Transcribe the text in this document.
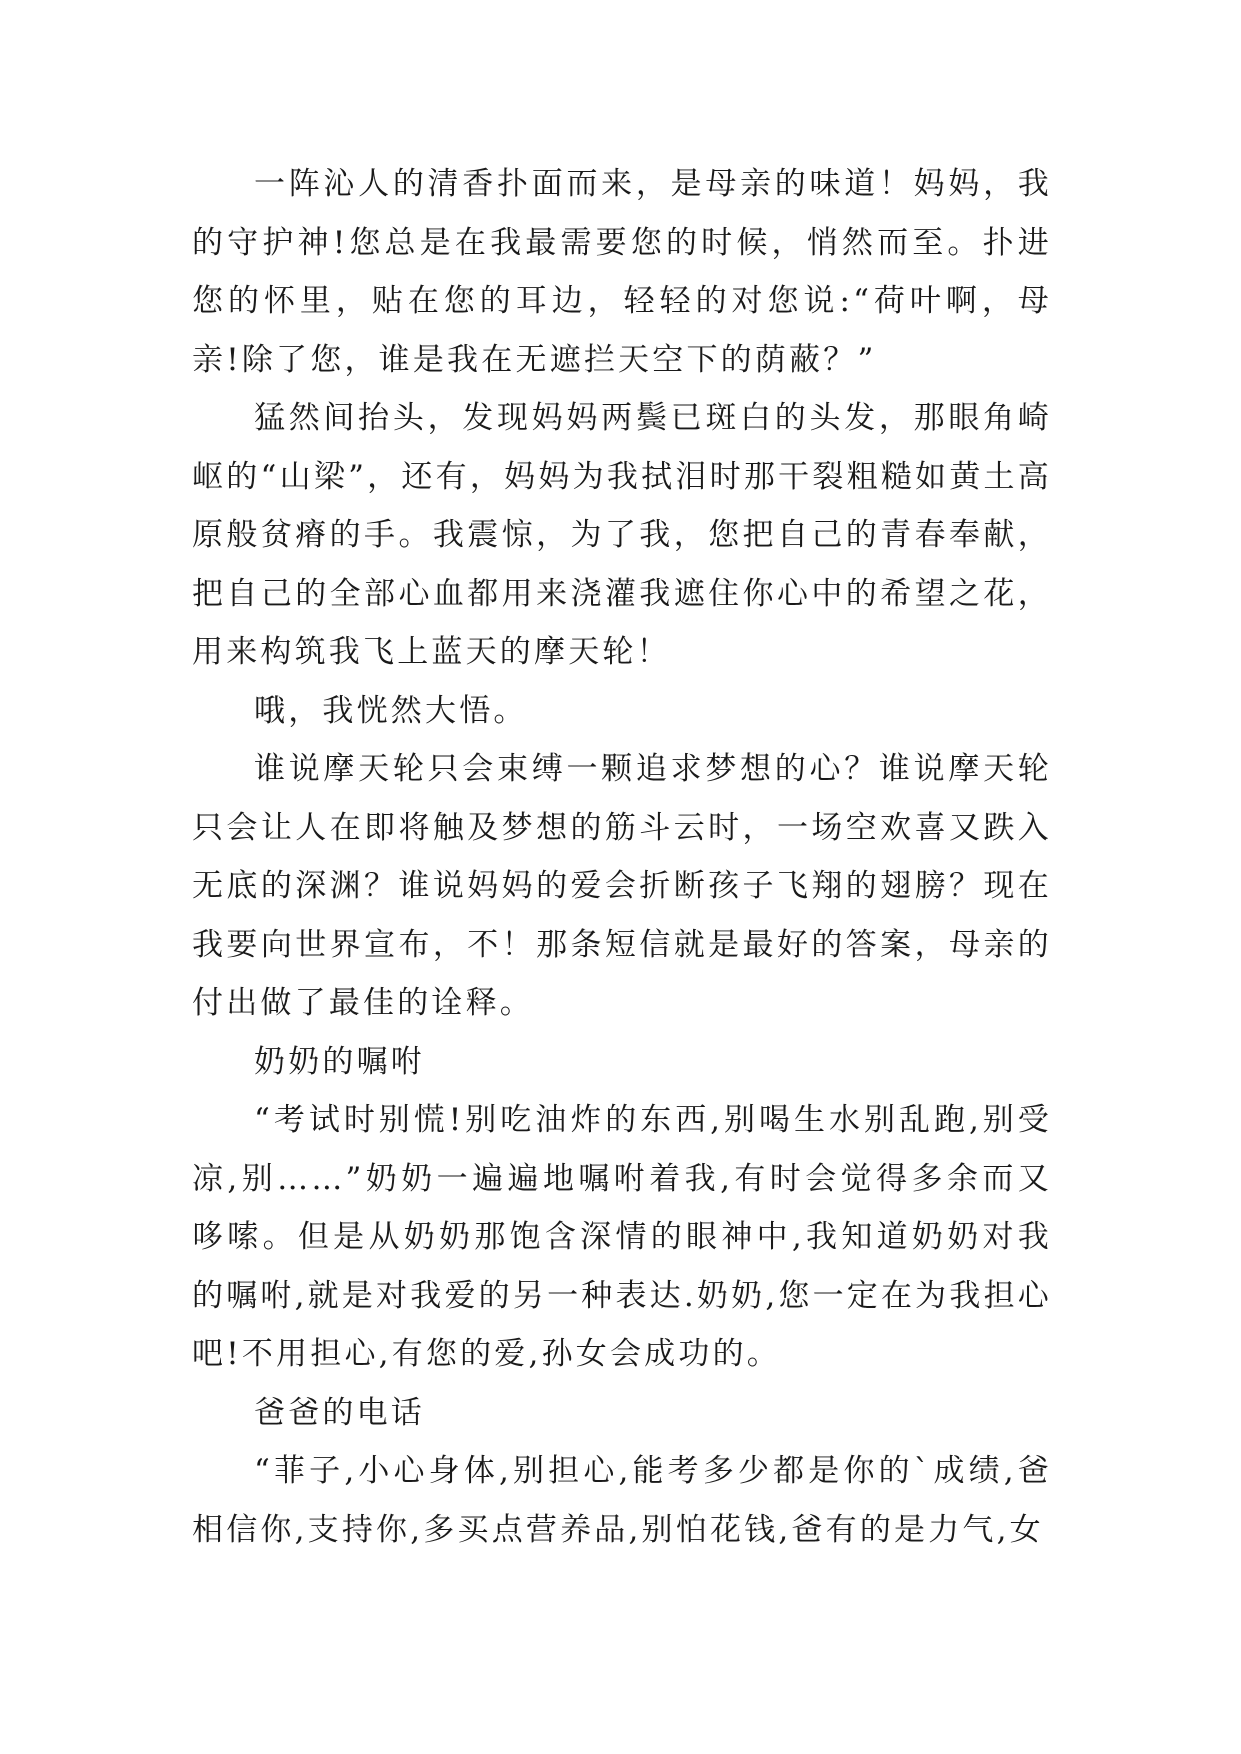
一阵沁人的清香扑面而来，是母亲的味道！妈妈，我的守护神!您总是在我最需要您的时候，悄然而至。扑进您的怀里，贴在您的耳边，轻轻的对您说:“荷叶啊，母亲!除了您，谁是我在无遮拦天空下的荫蔽？”

猛然间抬头，发现妈妈两鬓已斑白的头发，那眼角崎岖的“山梁”，还有，妈妈为我拭泪时那干裂粗糙如黄土高原般贫瘠的手。我震惊，为了我，您把自己的青春奉献，把自己的全部心血都用来浇灌我遮住你心中的希望之花，用来构筑我飞上蓝天的摩天轮！

哦，我恍然大悟。

谁说摩天轮只会束缚一颗追求梦想的心？谁说摩天轮只会让人在即将触及梦想的筋斗云时，一场空欢喜又跌入无底的深渊？谁说妈妈的爱会折断孩子飞翔的翅膀？现在我要向世界宣布，不！那条短信就是最好的答案，母亲的付出做了最佳的诠释。

奶奶的嘱咐

“考试时别慌!别吃油炸的东西,别喝生水别乱跑,别受凉,别……”奶奶一遍遍地嘱咐着我,有时会觉得多余而又哆嗦。但是从奶奶那饱含深情的眼神中,我知道奶奶对我的嘱咐,就是对我爱的另一种表达.奶奶,您一定在为我担心吧!不用担心,有您的爱,孙女会成功的。

爸爸的电话

“菲子,小心身体,别担心,能考多少都是你的`成绩,爸相信你,支持你,多买点营养品,别怕花钱,爸有的是力气,女
